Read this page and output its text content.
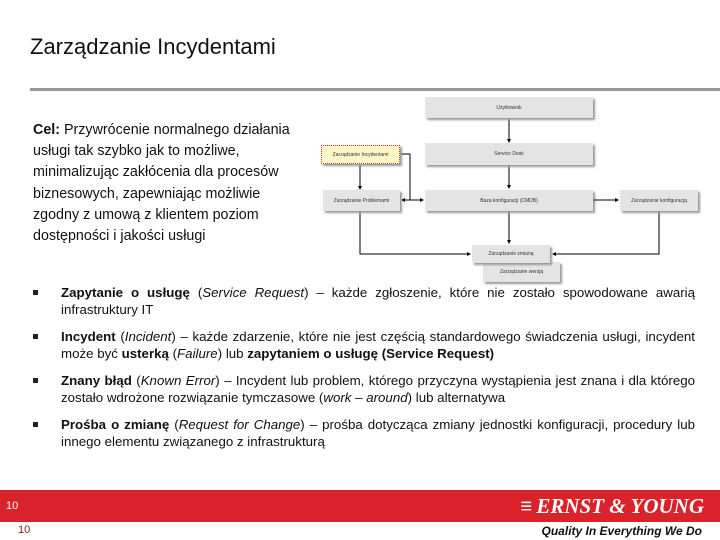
Zarządzanie Incydentami
Cel: Przywrócenie normalnego działania usługi tak szybko jak to możliwe, minimalizując zakłócenia dla procesów biznesowych, zapewniając możliwie zgodny z umową z klientem poziom dostępności i jakości usługi
Użytkownik
Service Desk
Zarządzanie Incydentami
Zarządzanie Problemami	Baza konfiguracji (CMDB)	Zarządzanie konfiguracją
Zarządzanie wersją
Zarządzanie zmianą
Zapytanie o usługę (Service Request) – każde zgłoszenie, które nie zostało spowodowane awarią infrastruktury IT
Incydent (Incident) – każde zdarzenie, które nie jest częścią standardowego świadczenia usługi, incydent może być usterką (Failure) lub zapytaniem o usługę (Service Request)
Znany błąd (Known Error) – Incydent lub problem, którego przyczyna wystąpienia jest znana i dla którego zostało wdrożone rozwiązanie tymczasowe (work – around) lub alternatywa
Prośba o zmianę (Request for Change) – prośba dotycząca zmiany jednostki konfiguracji, procedury lub innego elementu związanego z infrastrukturą
10
10
≡ ERNST & YOUNG
Quality In Everything We Do
